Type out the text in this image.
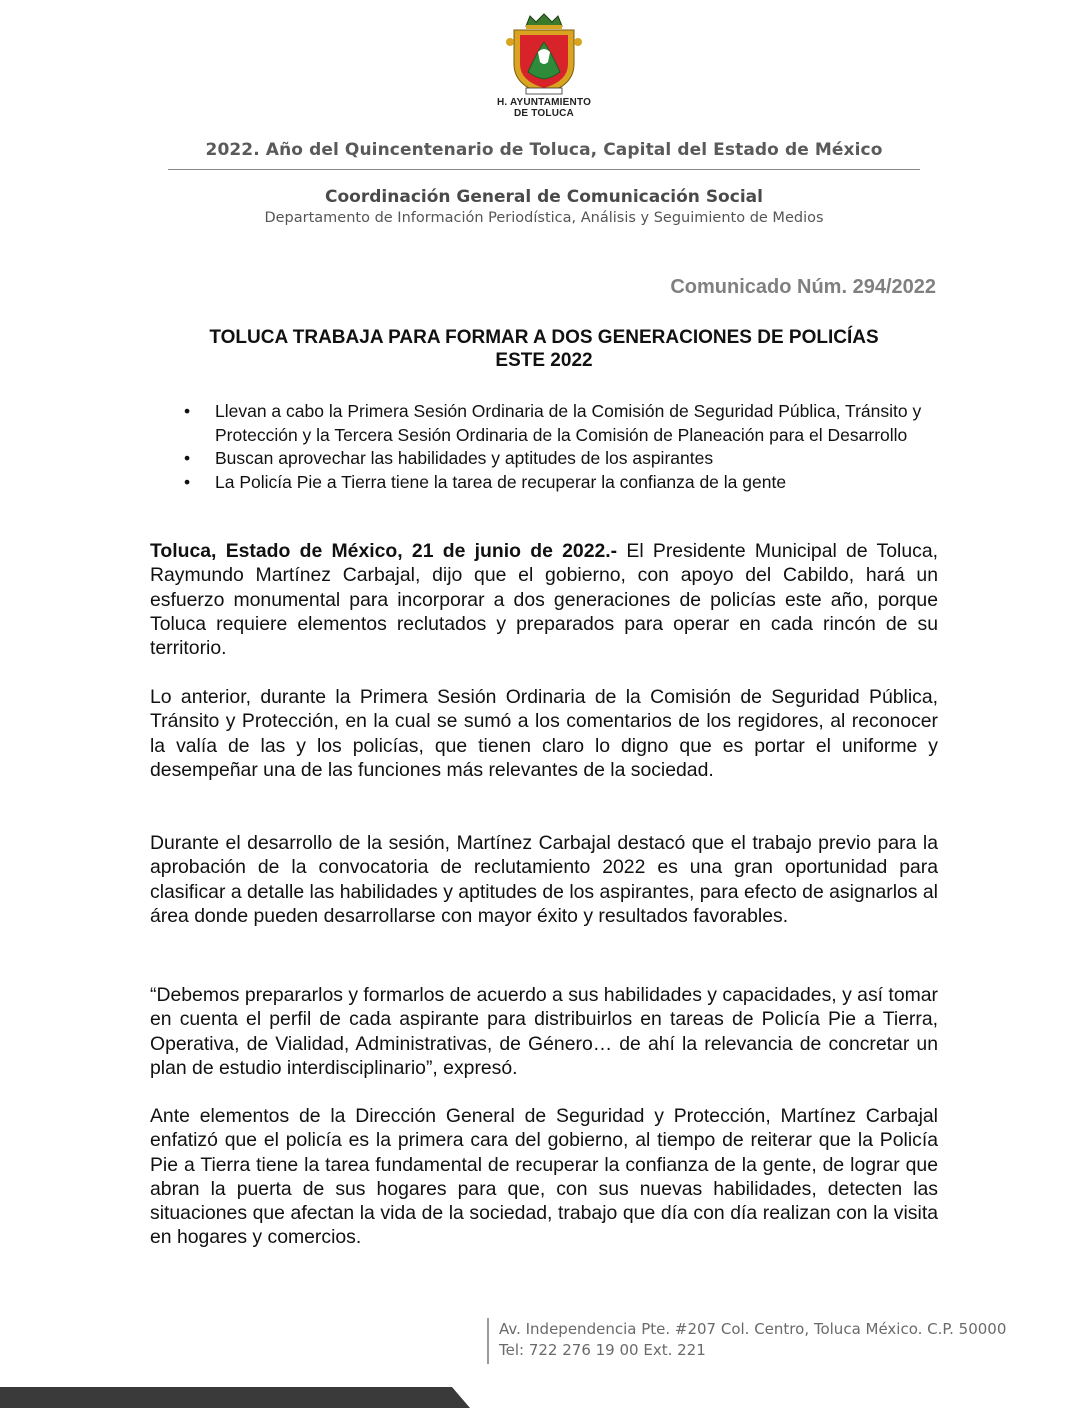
H. AYUNTAMIENTO
DE TOLUCA
2022. Año del Quincentenario de Toluca, Capital del Estado de México
Coordinación General de Comunicación Social
Departamento de Información Periodística, Análisis y Seguimiento de Medios
Comunicado Núm. 294/2022
TOLUCA TRABAJA PARA FORMAR A DOS GENERACIONES DE POLICÍAS
ESTE 2022
• Llevan a cabo la Primera Sesión Ordinaria de la Comisión de Seguridad Pública, Tránsito y Protección y la Tercera Sesión Ordinaria de la Comisión de Planeación para el Desarrollo
• Buscan aprovechar las habilidades y aptitudes de los aspirantes
• La Policía Pie a Tierra tiene la tarea de recuperar la confianza de la gente

Toluca, Estado de México, 21 de junio de 2022.- El Presidente Municipal de Toluca, Raymundo Martínez Carbajal, dijo que el gobierno, con apoyo del Cabildo, hará un esfuerzo monumental para incorporar a dos generaciones de policías este año, porque Toluca requiere elementos reclutados y preparados para operar en cada rincón de su territorio.

Lo anterior, durante la Primera Sesión Ordinaria de la Comisión de Seguridad Pública, Tránsito y Protección, en la cual se sumó a los comentarios de los regidores, al reconocer la valía de las y los policías, que tienen claro lo digno que es portar el uniforme y desempeñar una de las funciones más relevantes de la sociedad.

Durante el desarrollo de la sesión, Martínez Carbajal destacó que el trabajo previo para la aprobación de la convocatoria de reclutamiento 2022 es una gran oportunidad para clasificar a detalle las habilidades y aptitudes de los aspirantes, para efecto de asignarlos al área donde pueden desarrollarse con mayor éxito y resultados favorables.

“Debemos prepararlos y formarlos de acuerdo a sus habilidades y capacidades, y así tomar en cuenta el perfil de cada aspirante para distribuirlos en tareas de Policía Pie a Tierra, Operativa, de Vialidad, Administrativas, de Género… de ahí la relevancia de concretar un plan de estudio interdisciplinario”, expresó.

Ante elementos de la Dirección General de Seguridad y Protección, Martínez Carbajal enfatizó que el policía es la primera cara del gobierno, al tiempo de reiterar que la Policía Pie a Tierra tiene la tarea fundamental de recuperar la confianza de la gente, de lograr que abran la puerta de sus hogares para que, con sus nuevas habilidades, detecten las situaciones que afectan la vida de la sociedad, trabajo que día con día realizan con la visita en hogares y comercios.

Av. Independencia Pte. #207 Col. Centro, Toluca México. C.P. 50000
Tel: 722 276 19 00 Ext. 221
